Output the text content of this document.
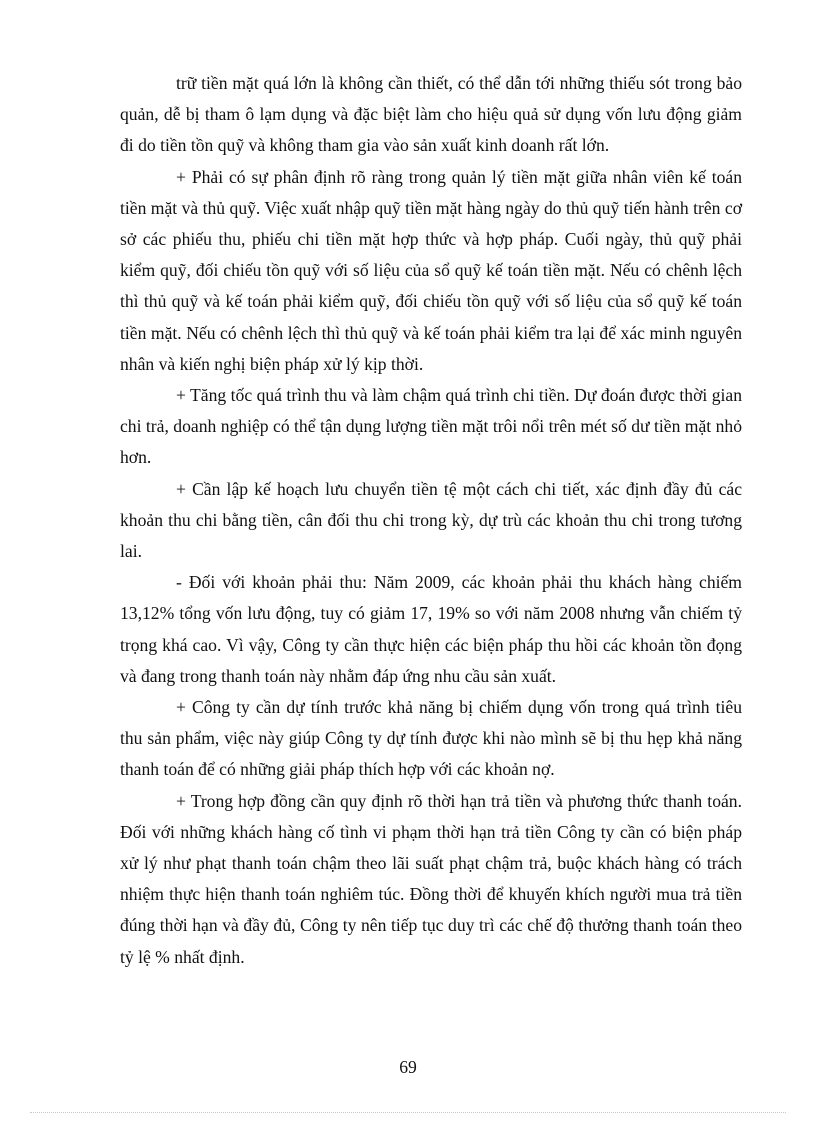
trữ tiền mặt quá lớn là không cần thiết, có thể dẫn tới những thiếu sót trong bảo quản, dễ bị tham ô lạm dụng và đặc biệt làm cho hiệu quả sử dụng vốn lưu động giảm đi do tiền tồn quỹ và không tham gia vào sản xuất kinh doanh rất lớn.

+ Phải có sự phân định rõ ràng trong quản lý tiền mặt giữa nhân viên kế toán tiền mặt và thủ quỹ. Việc xuất nhập quỹ tiền mặt hàng ngày do thủ quỹ tiến hành trên cơ sở các phiếu thu, phiếu chi tiền mặt hợp thức và hợp pháp. Cuối ngày, thủ quỹ phải kiểm quỹ, đối chiếu tồn quỹ với số liệu của sổ quỹ kế toán tiền mặt. Nếu có chênh lệch thì thủ quỹ và kế toán phải kiểm quỹ, đối chiếu tồn quỹ với số liệu của sổ quỹ kế toán tiền mặt. Nếu có chênh lệch thì thủ quỹ và kế toán phải kiểm tra lại để xác minh nguyên nhân và kiến nghị biện pháp xử lý kịp thời.

+ Tăng tốc quá trình thu và làm chậm quá trình chi tiền. Dự đoán được thời gian chi trả, doanh nghiệp có thể tận dụng lượng tiền mặt trôi nổi trên mét số dư tiền mặt nhỏ hơn.

+ Cần lập kế hoạch lưu chuyển tiền tệ một cách chi tiết, xác định đầy đủ các khoản thu chi bằng tiền, cân đối thu chi trong kỳ, dự trù các khoản thu chi trong tương lai.

- Đối với khoản phải thu: Năm 2009, các khoản phải thu khách hàng chiếm 13,12% tổng vốn lưu động, tuy có giảm 17, 19% so với năm 2008 nhưng vẫn chiếm tỷ trọng khá cao. Vì vậy, Công ty cần thực hiện các biện pháp thu hồi các khoản tồn đọng và đang trong thanh toán này nhằm đáp ứng nhu cầu sản xuất.

+ Công ty cần dự tính trước khả năng bị chiếm dụng vốn trong quá trình tiêu thu sản phẩm, việc này giúp Công ty dự tính được khi nào mình sẽ bị thu hẹp khả năng thanh toán để có những giải pháp thích hợp với các khoản nợ.

+ Trong hợp đồng cần quy định rõ thời hạn trả tiền và phương thức thanh toán. Đối với những khách hàng cố tình vi phạm thời hạn trả tiền Công ty cần có biện pháp xử lý như phạt thanh toán chậm theo lãi suất phạt chậm trả, buộc khách hàng có trách nhiệm thực hiện thanh toán nghiêm túc. Đồng thời để khuyến khích người mua trả tiền đúng thời hạn và đầy đủ, Công ty nên tiếp tục duy trì các chế độ thưởng thanh toán theo tỷ lệ % nhất định.

69
